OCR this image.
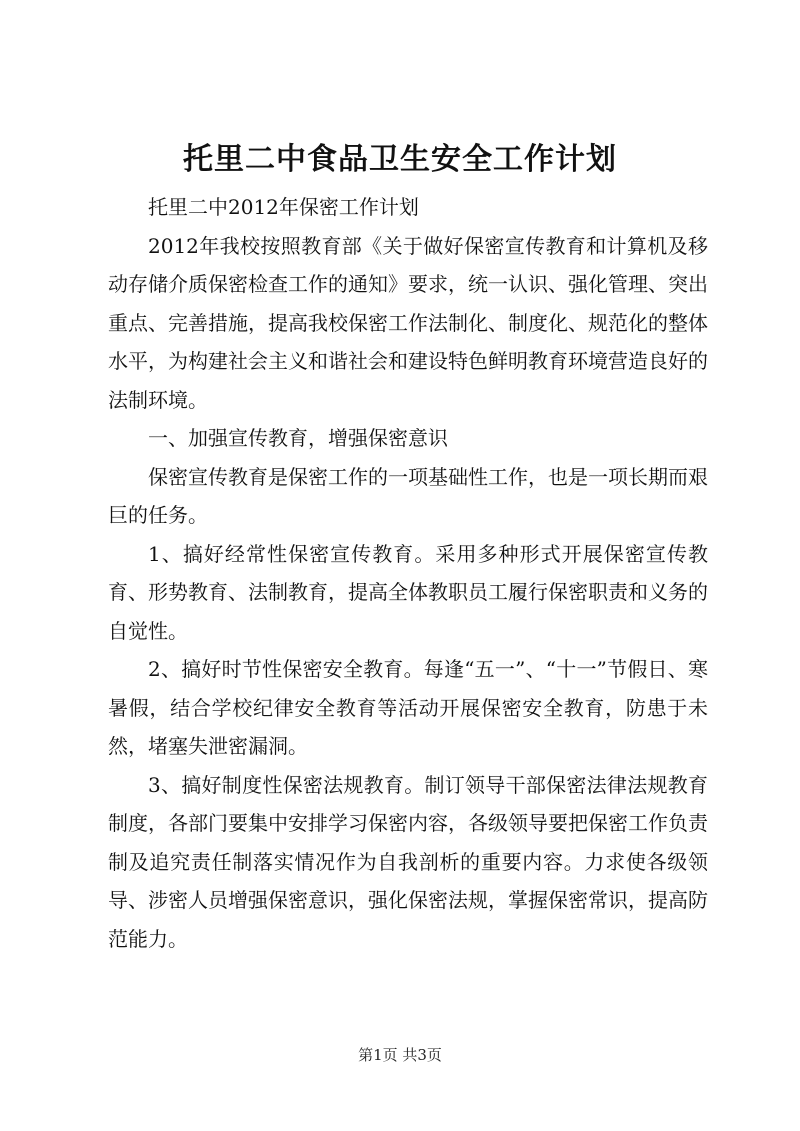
托里二中食品卫生安全工作计划

托里二中2012年保密工作计划

2012年我校按照教育部《关于做好保密宣传教育和计算机及移动存储介质保密检查工作的通知》要求，统一认识、强化管理、突出重点、完善措施，提高我校保密工作法制化、制度化、规范化的整体水平，为构建社会主义和谐社会和建设特色鲜明教育环境营造良好的法制环境。

一、加强宣传教育，增强保密意识

保密宣传教育是保密工作的一项基础性工作，也是一项长期而艰巨的任务。

1、搞好经常性保密宣传教育。采用多种形式开展保密宣传教育、形势教育、法制教育，提高全体教职员工履行保密职责和义务的自觉性。

2、搞好时节性保密安全教育。每逢“五一”、“十一”节假日、寒暑假，结合学校纪律安全教育等活动开展保密安全教育，防患于未然，堵塞失泄密漏洞。

3、搞好制度性保密法规教育。制订领导干部保密法律法规教育制度，各部门要集中安排学习保密内容，各级领导要把保密工作负责制及追究责任制落实情况作为自我剖析的重要内容。力求使各级领导、涉密人员增强保密意识，强化保密法规，掌握保密常识，提高防范能力。

第1页 共3页
